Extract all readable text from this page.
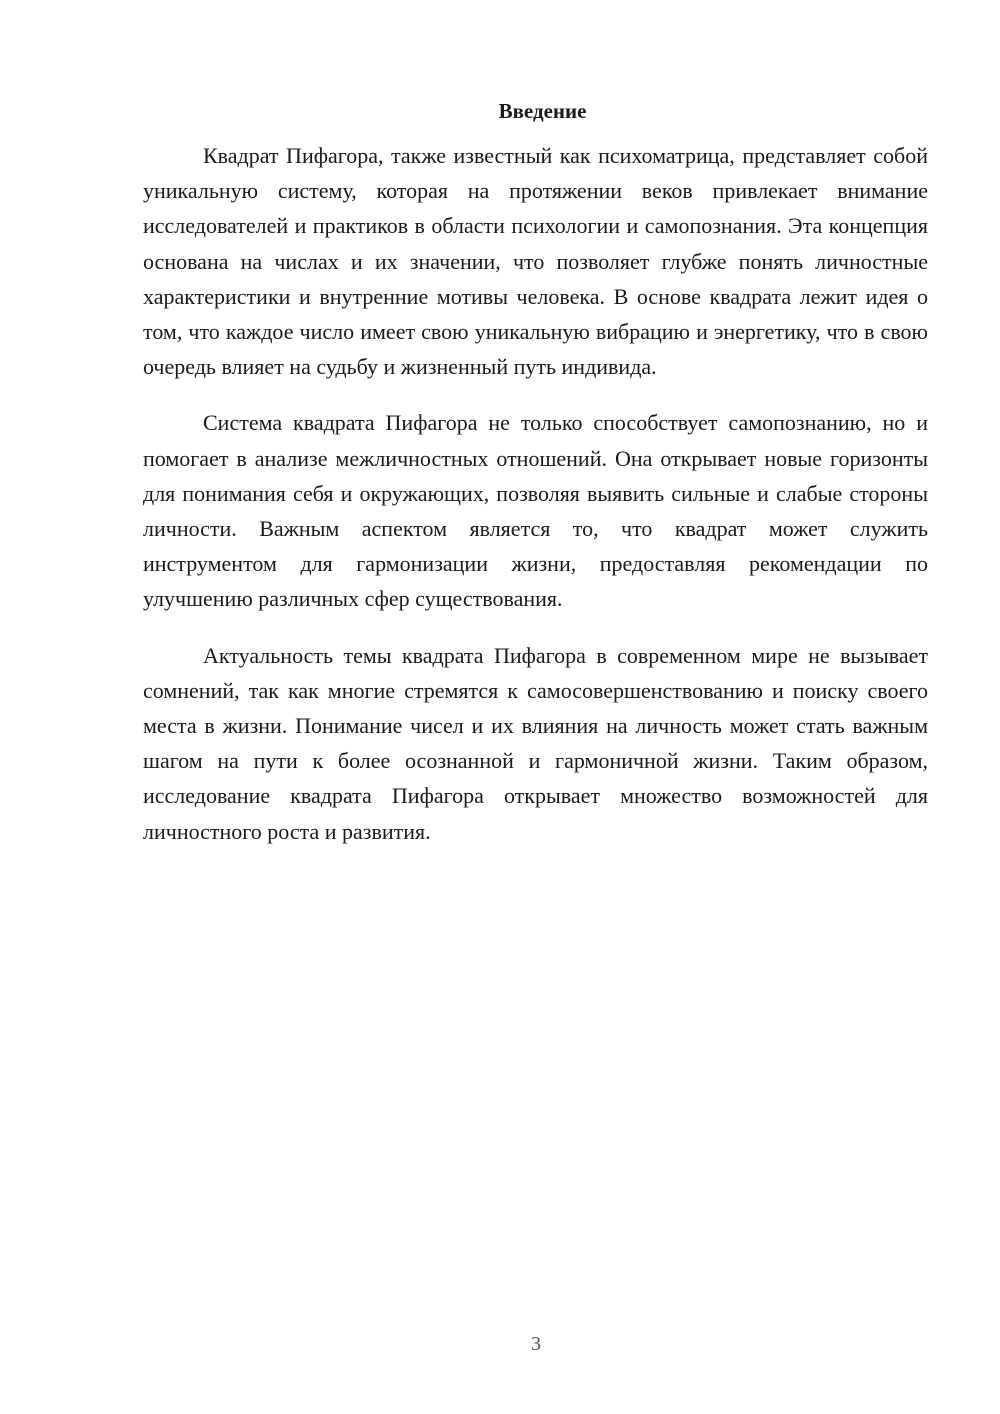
Введение

Квадрат Пифагора, также известный как психоматрица, представляет собой уникальную систему, которая на протяжении веков привлекает внимание исследователей и практиков в области психологии и самопознания. Эта концепция основана на числах и их значении, что позволяет глубже понять личностные характеристики и внутренние мотивы человека. В основе квадрата лежит идея о том, что каждое число имеет свою уникальную вибрацию и энергетику, что в свою очередь влияет на судьбу и жизненный путь индивида.

Система квадрата Пифагора не только способствует самопознанию, но и помогает в анализе межличностных отношений. Она открывает новые горизонты для понимания себя и окружающих, позволяя выявить сильные и слабые стороны личности. Важным аспектом является то, что квадрат может служить инструментом для гармонизации жизни, предоставляя рекомендации по улучшению различных сфер существования.

Актуальность темы квадрата Пифагора в современном мире не вызывает сомнений, так как многие стремятся к самосовершенствованию и поиску своего места в жизни. Понимание чисел и их влияния на личность может стать важным шагом на пути к более осознанной и гармоничной жизни. Таким образом, исследование квадрата Пифагора открывает множество возможностей для личностного роста и развития.

3
